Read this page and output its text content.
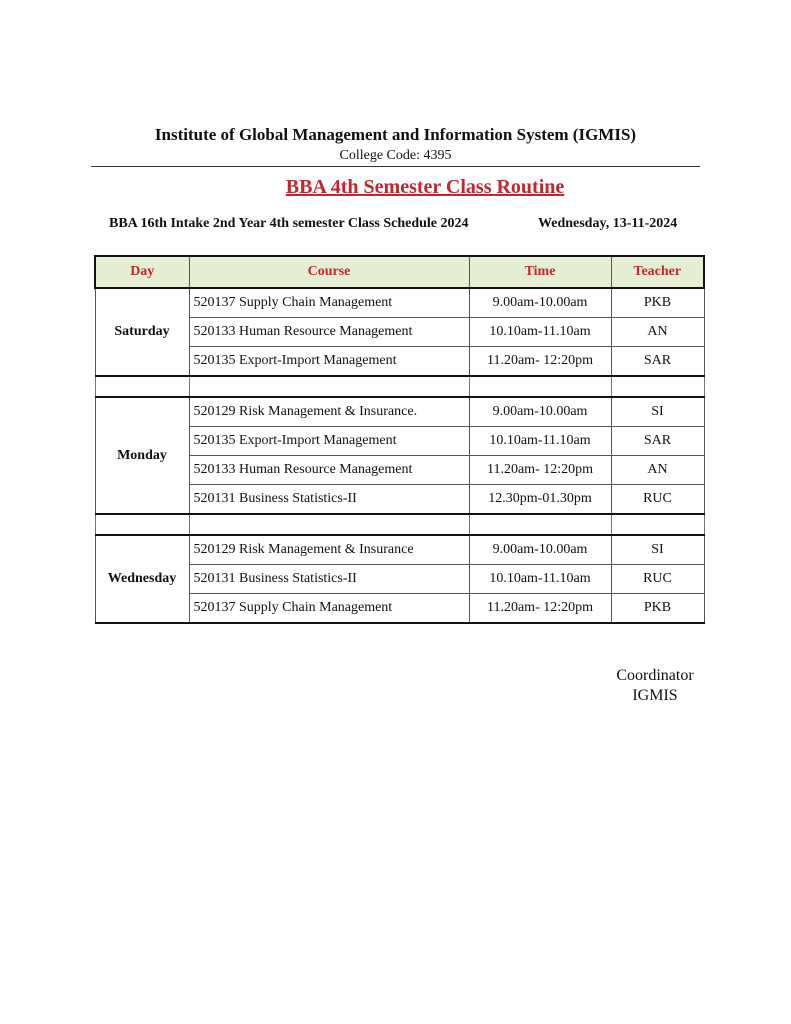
Institute of Global Management and Information System (IGMIS)
College Code: 4395
BBA 4th Semester Class Routine
BBA 16th Intake 2nd Year 4th semester Class Schedule 2024	Wednesday, 13-11-2024
Day	Course	Time	Teacher
Saturday	520137 Supply Chain Management	9.00am-10.00am	PKB
	520133 Human Resource Management	10.10am-11.10am	AN
	520135 Export-Import Management	11.20am- 12:20pm	SAR

Monday	520129 Risk Management & Insurance.	9.00am-10.00am	SI
	520135 Export-Import Management	10.10am-11.10am	SAR
	520133 Human Resource Management	11.20am- 12:20pm	AN
	520131 Business Statistics-II	12.30pm-01.30pm	RUC

Wednesday	520129 Risk Management & Insurance	9.00am-10.00am	SI
	520131 Business Statistics-II	10.10am-11.10am	RUC
	520137 Supply Chain Management	11.20am- 12:20pm	PKB
Coordinator
IGMIS
